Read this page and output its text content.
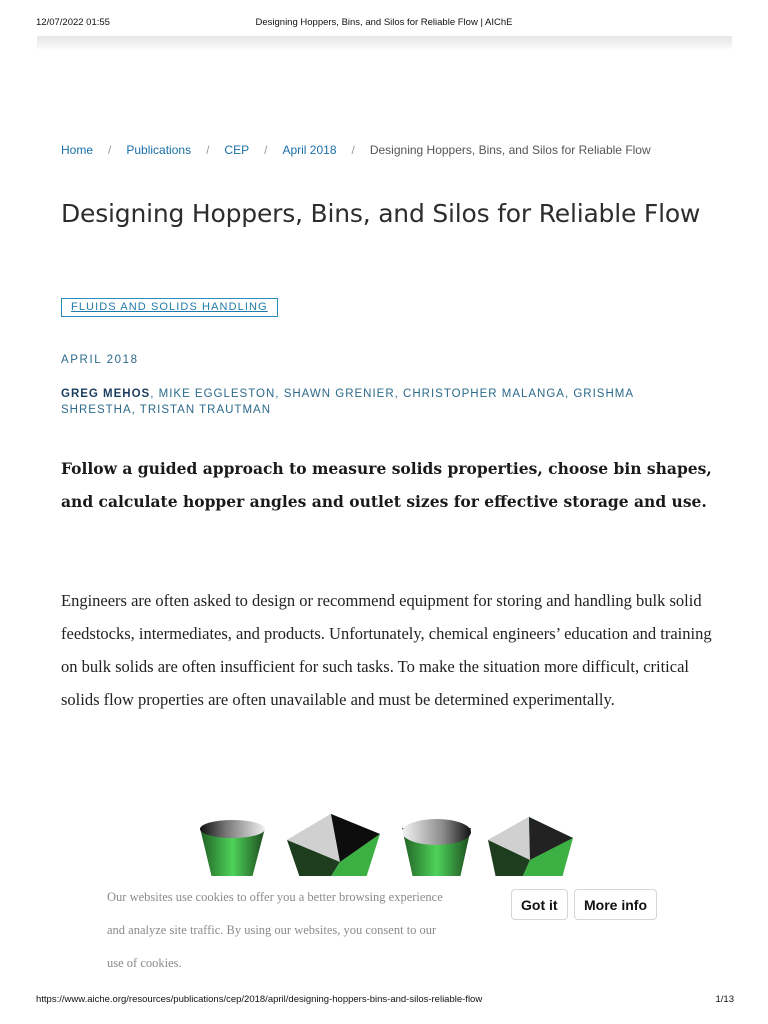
12/07/2022 01:55	Designing Hoppers, Bins, and Silos for Reliable Flow | AIChE
Home / Publications / CEP / April 2018 / Designing Hoppers, Bins, and Silos for Reliable Flow
Designing Hoppers, Bins, and Silos for Reliable Flow
FLUIDS AND SOLIDS HANDLING
APRIL 2018
GREG MEHOS, MIKE EGGLESTON, SHAWN GRENIER, CHRISTOPHER MALANGA, GRISHMA SHRESTHA, TRISTAN TRAUTMAN

Follow a guided approach to measure solids properties, choose bin shapes, and calculate hopper angles and outlet sizes for effective storage and use.

Engineers are often asked to design or recommend equipment for storing and handling bulk solid feedstocks, intermediates, and products. Unfortunately, chemical engineers’ education and training on bulk solids are often insufficient for such tasks. To make the situation more difficult, critical solids flow properties are often unavailable and must be determined experimentally.

Our websites use cookies to offer you a better browsing experience and analyze site traffic. By using our websites, you consent to our use of cookies.

Got it	More info
https://www.aiche.org/resources/publications/cep/2018/april/designing-hoppers-bins-and-silos-reliable-flow	1/13
